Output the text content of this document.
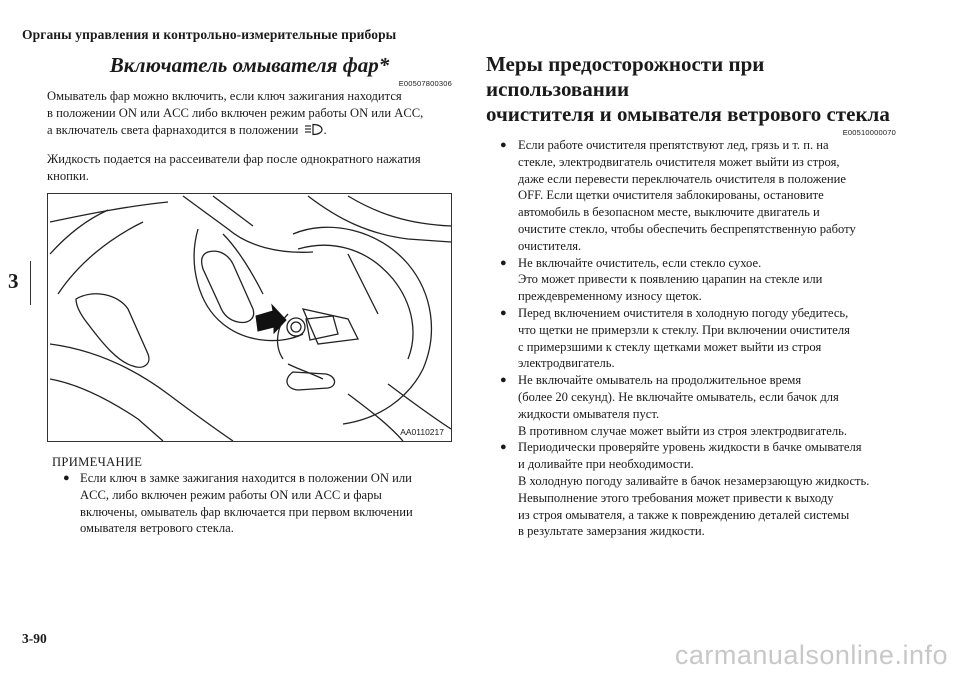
Органы управления и контрольно-измерительные приборы
3
Включатель омывателя фар*
E00507800306

Омыватель фар можно включить, если ключ зажигания находится
в положении ON или ACC либо включен режим работы ON или ACC,
а включатель света фарнаходится в положении .

Жидкость подается на рассеиватели фар после однократного нажатия
кнопки.

AA0110217
ПРИМЕЧАНИЕ
● Если ключ в замке зажигания находится в положении ON или
ACC, либо включен режим работы ON или ACC и фары
включены, омыватель фар включается при первом включении
омывателя ветрового стекла.
Меры предосторожности при использовании
очистителя и омывателя ветрового стекла
E00510000070
● Если работе очистителя препятствуют лед, грязь и т. п. на
стекле, электродвигатель очистителя может выйти из строя,
даже если перевести переключатель очистителя в положение
OFF. Если щетки очистителя заблокированы, остановите
автомобиль в безопасном месте, выключите двигатель и
очистите стекло, чтобы обеспечить беспрепятственную работу
очистителя.
● Не включайте очиститель, если стекло сухое.
Это может привести к появлению царапин на стекле или
преждевременному износу щеток.
● Перед включением очистителя в холодную погоду убедитесь,
что щетки не примерзли к стеклу. При включении очистителя
с примерзшими к стеклу щетками может выйти из строя
электродвигатель.
● Не включайте омыватель на продолжительное время
(более 20 секунд). Не включайте омыватель, если бачок для
жидкости омывателя пуст.
В противном случае может выйти из строя электродвигатель.
● Периодически проверяйте уровень жидкости в бачке омывателя
и доливайте при необходимости.
В холодную погоду заливайте в бачок незамерзающую жидкость.
Невыполнение этого требования может привести к выходу
из строя омывателя, а также к повреждению деталей системы
в результате замерзания жидкости.
3-90
carmanualsonline.info
